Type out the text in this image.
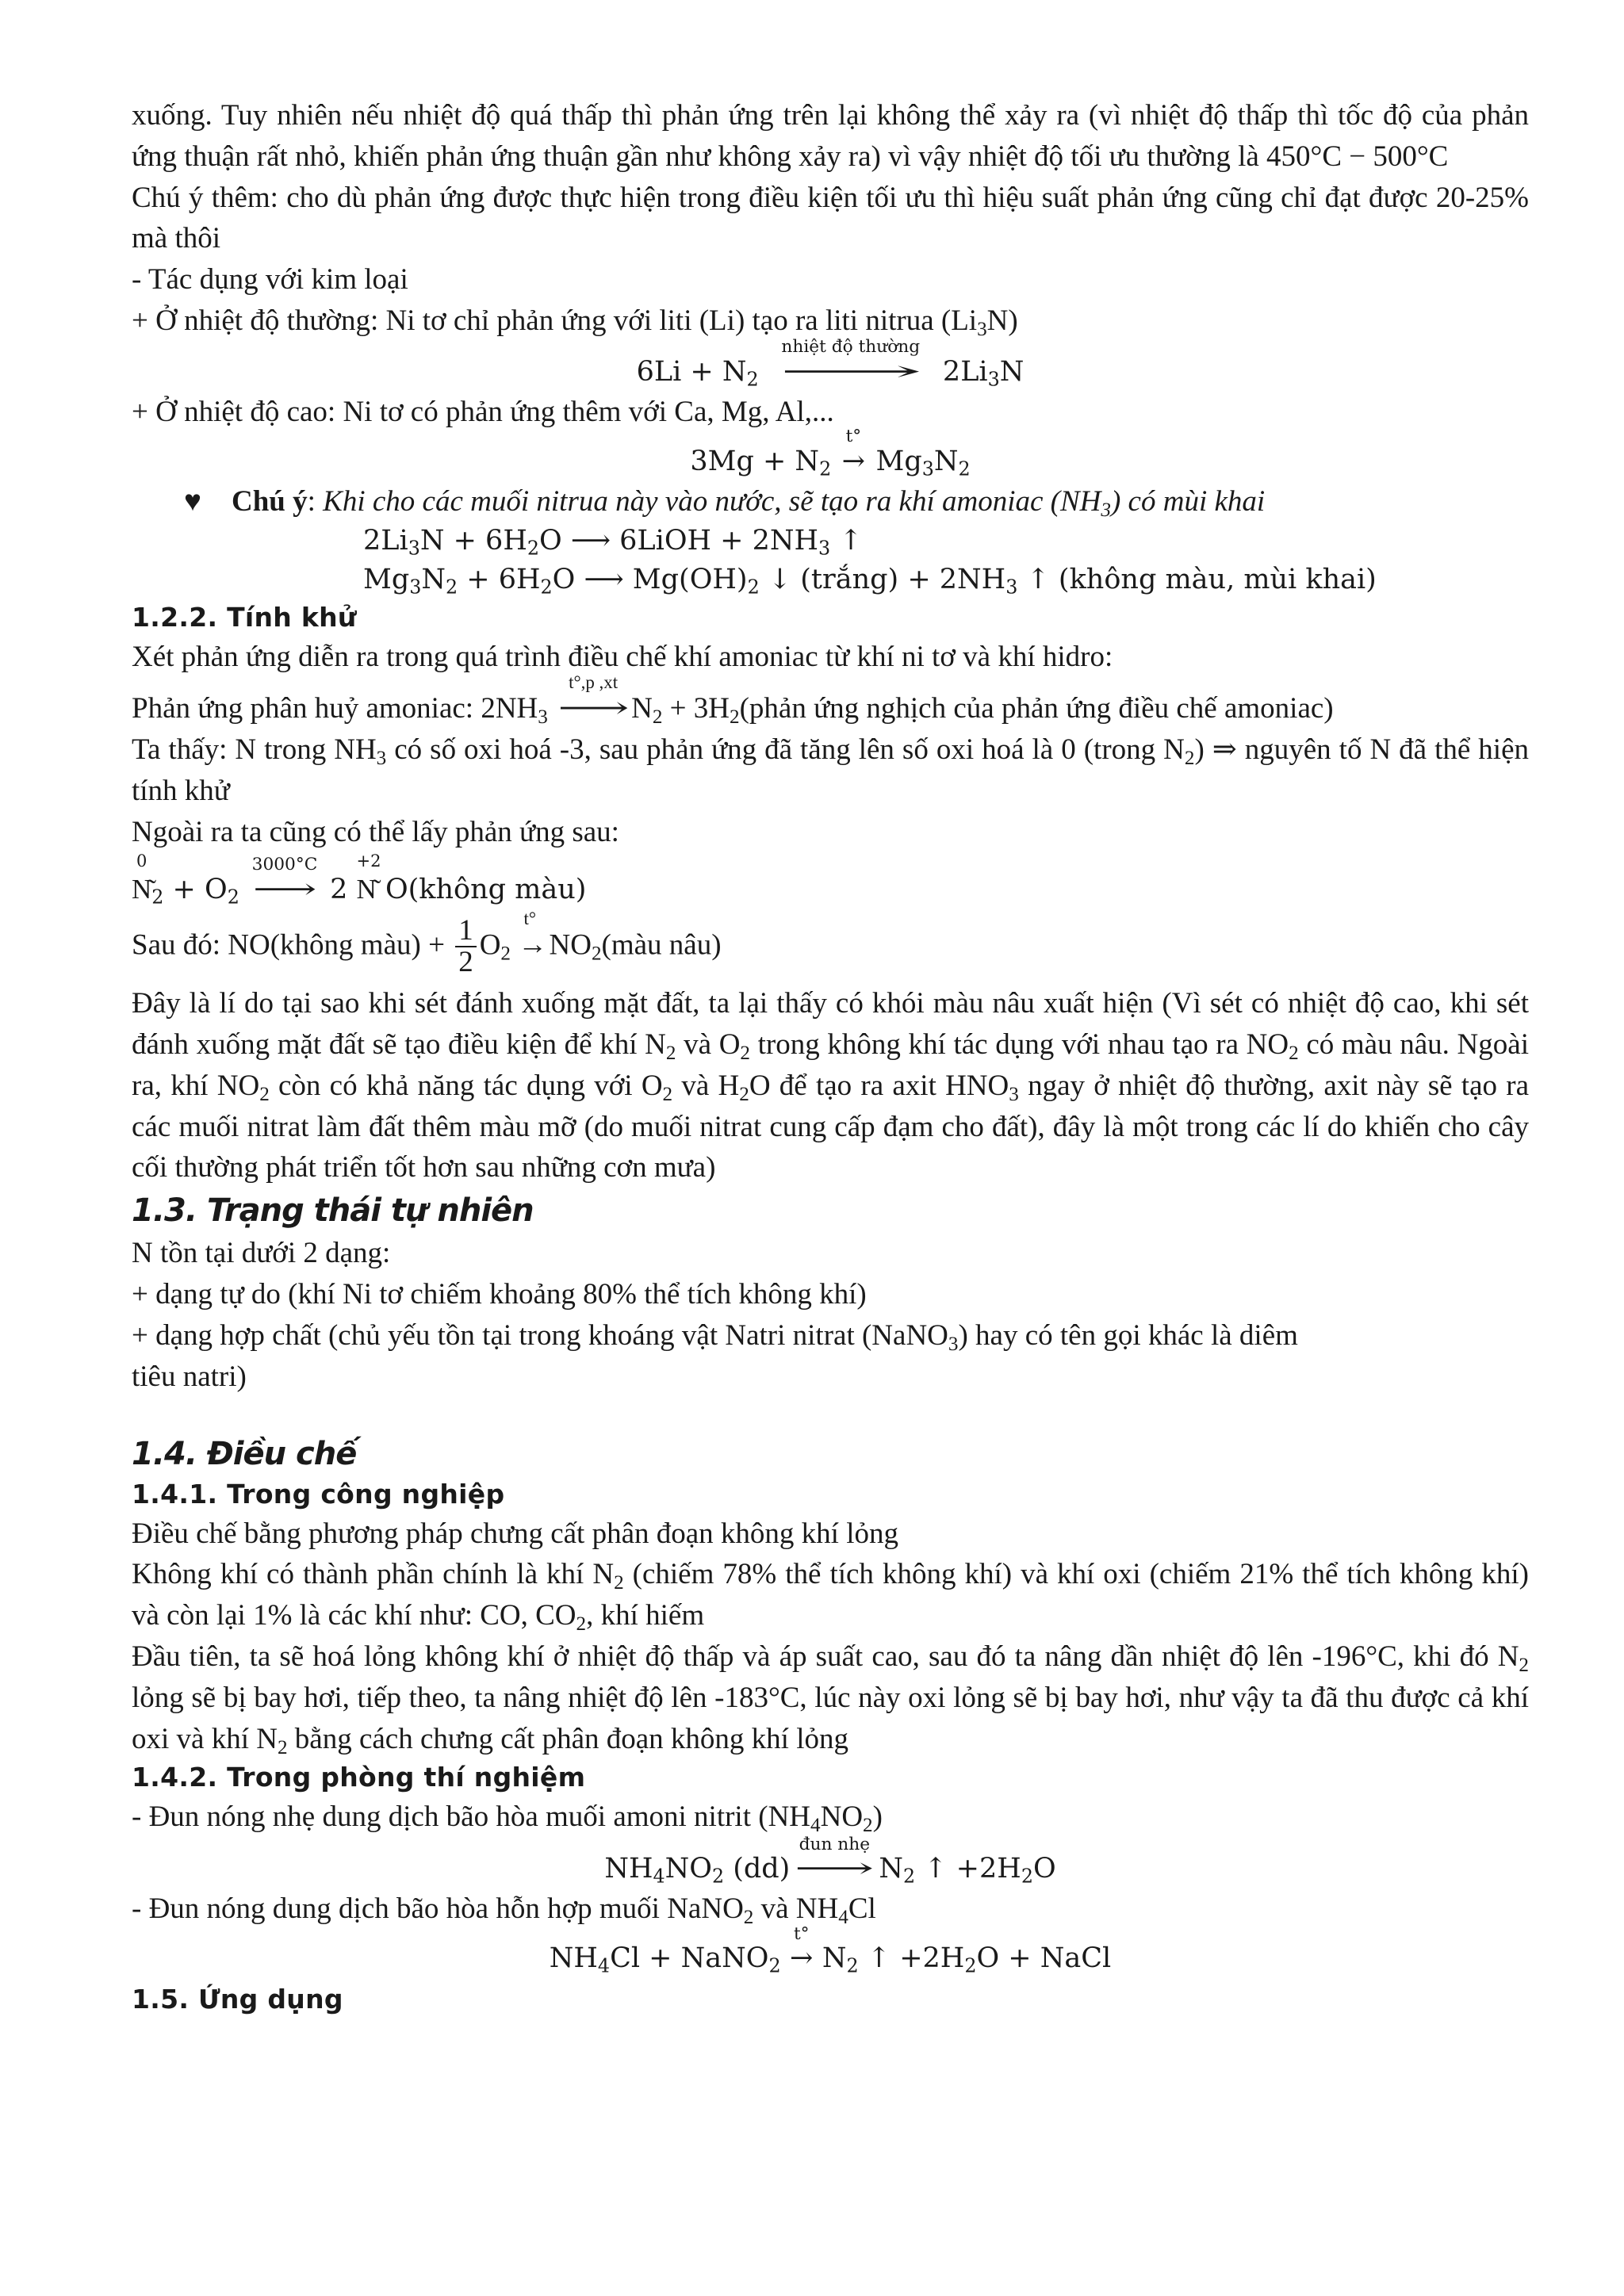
xuống. Tuy nhiên nếu nhiệt độ quá thấp thì phản ứng trên lại không thể xảy ra (vì nhiệt độ thấp thì tốc độ của phản ứng thuận rất nhỏ, khiến phản ứng thuận gần như không xảy ra) vì vậy nhiệt độ tối ưu thường là 450°C − 500°C

Chú ý thêm: cho dù phản ứng được thực hiện trong điều kiện tối ưu thì hiệu suất phản ứng cũng chỉ đạt được 20-25% mà thôi

- Tác dụng với kim loại

+ Ở nhiệt độ thường: Ni tơ chỉ phản ứng với liti (Li) tạo ra liti nitrua $(Li_3N)$

$6Li + N_2$
nhiệt độ thường
⟶ $2Li_3N$

+ Ở nhiệt độ cao: Ni tơ có phản ứng thêm với Ca, Mg, Al,...

$3Mg + N_2$
t°
→ $Mg_3N_2$

♥ Chú ý: Khi cho các muối nitrua này vào nước, sẽ tạo ra khí amoniac $(NH_3)$ có mùi khai

$2Li_3N + 6H_2O$ ⟶ 6LiOH + $2NH_3$ ↑

$Mg_3N_2 + 6H_2O$ ⟶ $Mg(OH)_2$ ↓ (trắng) + $2NH_3$ ↑ (không màu, mùi khai)

1.2.2. Tính khử

Xét phản ứng diễn ra trong quá trình điều chế khí amoniac từ khí ni tơ và khí hidro:

Phản ứng phân huỷ amoniac: $2NH_3$
t°,p ,xt
$⟶N_2$ + $3H_2(phản$ ứng nghịch của phản ứng điều chế amoniac)

Ta thấy: N trong $NH_3$ có số oxi hoá -3, sau phản ứng đã tăng lên số oxi hoá là 0 (trong $N_2$) ⇒ nguyên tố N đã thể hiện tính khử

Ngoài ra ta cũng có thể lấy phản ứng sau:

0
$N͂_2 + O_2$
3000°C
⟶ 2
+2
N͂ O(không màu)

Sau đó: NO(không màu) + $\frac{1}{2} O_2$
t°
→ $NO_2(màu$ nâu)

Đây là lí do tại sao khi sét đánh xuống mặt đất, ta lại thấy có khói màu nâu xuất hiện (Vì sét có nhiệt độ cao, khi sét đánh xuống mặt đất sẽ tạo điều kiện để khí $N_2$ và $O_2$ trong không khí tác dụng với nhau tạo ra $NO_2$ có màu nâu. Ngoài ra, khí $NO_2$ còn có khả năng tác dụng với $O_2$ và $H_2O$ để tạo ra axit $HNO_3$ ngay ở nhiệt độ thường, axit này sẽ tạo ra các muối nitrat làm đất thêm màu mỡ (do muối nitrat cung cấp đạm cho đất), đây là một trong các lí do khiến cho cây cối thường phát triển tốt hơn sau những cơn mưa)

1.3. Trạng thái tự nhiên

N tồn tại dưới 2 dạng:

+ dạng tự do (khí Ni tơ chiếm khoảng 80% thể tích không khí)

+ dạng hợp chất (chủ yếu tồn tại trong khoáng vật Natri nitrat (NaNO$_3$) hay có tên gọi khác là diêm
tiêu natri)

1.4. Điều chế

1.4.1. Trong công nghiệp

Điều chế bằng phương pháp chưng cất phân đoạn không khí lỏng

Không khí có thành phần chính là khí $N_2$ (chiếm 78% thể tích không khí) và khí oxi (chiếm 21% thể tích không khí) và còn lại 1% là các khí như: CO, $CO_2$, khí hiếm

Đầu tiên, ta sẽ hoá lỏng không khí ở nhiệt độ thấp và áp suất cao, sau đó ta nâng dần nhiệt độ lên -196°C, khi đó $N_2$ lỏng sẽ bị bay hơi, tiếp theo, ta nâng nhiệt độ lên -183°C, lúc này oxi lỏng sẽ bị bay hơi, như vậy ta đã thu được cả khí oxi và khí $N_2$ bằng cách chưng cất phân đoạn không khí lỏng

1.4.2. Trong phòng thí nghiệm

- Đun nóng nhẹ dung dịch bão hòa muối amoni nitrit $(NH_4NO_2)$

$NH_4NO_2$ (dd)
đun nhẹ
⟶ $N_2$ ↑ $+2H_2O$

- Đun nóng dung dịch bão hòa hỗn hợp muối NaNO$_2$ và $NH_4Cl$

$NH_4Cl$ + NaNO$_2$
t°
→ $N_2$ ↑ $+2H_2O$ + NaCl

1.5. Ứng dụng
